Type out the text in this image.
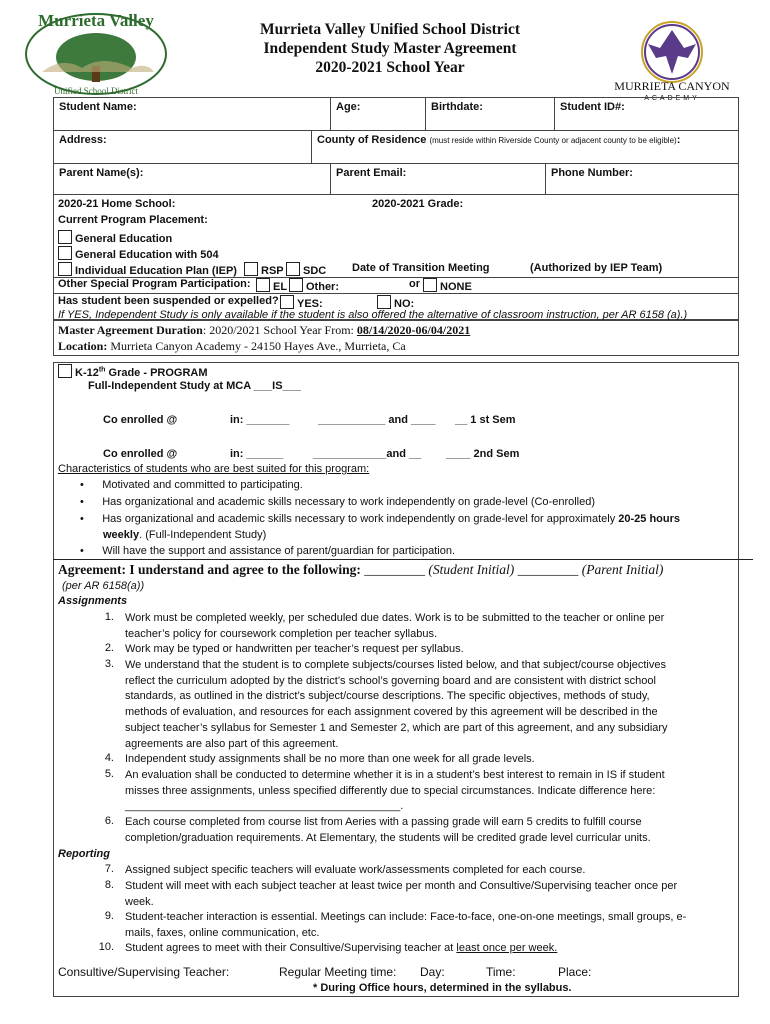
Murrieta Valley
Unified School District
Murrieta Valley Unified School District
Independent Study Master Agreement
2020-2021 School Year
MURRIETA CANYON
ACADEMY
Student Name:	Age:	Birthdate:	Student ID#:
Address:	County of Residence (must reside within Riverside County or adjacent county to be eligible):
Parent Name(s):	Parent Email:	Phone Number:
2020-21 Home School:	2020-2021 Grade:
Current Program Placement:
General Education
General Education with 504
Individual Education Plan (IEP)	RSP	SDC Date of Transition Meeting	(Authorized by IEP Team)
Other Special Program Participation:	EL	Other:	or	NONE
Has student been suspended or expelled?	YES:	NO:
If YES, Independent Study is only available if the student is also offered the alternative of classroom instruction, per AR 6158 (a).)
Master Agreement Duration: 2020/2021 School Year From: 08/14/2020-06/04/2021
Location: Murrieta Canyon Academy - 24150 Hayes Ave., Murrieta, Ca
K-12th Grade - PROGRAM
Full-Independent Study at MCA ___IS___
Co enrolled @	in: _______	___________ and ____ __ 1 st Sem
Co enrolled @	in: ______	____________and __ ____ 2nd Sem
Characteristics of students who are best suited for this program:
•      Motivated and committed to participating.
•      Has organizational and academic skills necessary to work independently on grade-level (Co-enrolled)
•      Has organizational and academic skills necessary to work independently on grade-level for approximately 20-25 hours
weekly. (Full-Independent Study)
•      Will have the support and assistance of parent/guardian for participation.
Agreement: I understand and agree to the following: _________ (Student Initial) _________ (Parent Initial)
(per AR 6158(a))
Assignments
1. Work must be completed weekly, per scheduled due dates. Work is to be submitted to the teacher or online per
teacher’s policy for coursework completion per teacher syllabus.
2. Work may be typed or handwritten per teacher’s request per syllabus.
3. We understand that the student is to complete subjects/courses listed below, and that subject/course objectives
reflect the curriculum adopted by the district’s school’s governing board and are consistent with district school
standards, as outlined in the district’s subject/course descriptions. The specific objectives, methods of study,
methods of evaluation, and resources for each assignment covered by this agreement will be described in the
subject teacher’s syllabus for Semester 1 and Semester 2, which are part of this agreement, and any subsidiary
agreements are also part of this agreement.
4. Independent study assignments shall be no more than one week for all grade levels.
5. An evaluation shall be conducted to determine whether it is in a student’s best interest to remain in IS if student
misses three assignments, unless specified differently due to special circumstances. Indicate difference here:
_____________________________________________.
6. Each course completed from course list from Aeries with a passing grade will earn 5 credits to fulfill course
completion/graduation requirements. At Elementary, the students will be credited grade level curricular units.
7. Assigned subject specific teachers will evaluate work/assessments completed for each course.
8. Student will meet with each subject teacher at least twice per month and Consultive/Supervising teacher once per
week.
9. Student-teacher interaction is essential. Meetings can include: Face-to-face, one-on-one meetings, small groups, e-
mails, faxes, online communication, etc.
10. Student agrees to meet with their Consultive/Supervising teacher at least once per week.
Reporting
Consultive/Supervising Teacher:	Regular Meeting time: Day:	Time:	Place:
* During Office hours, determined in the syllabus.
